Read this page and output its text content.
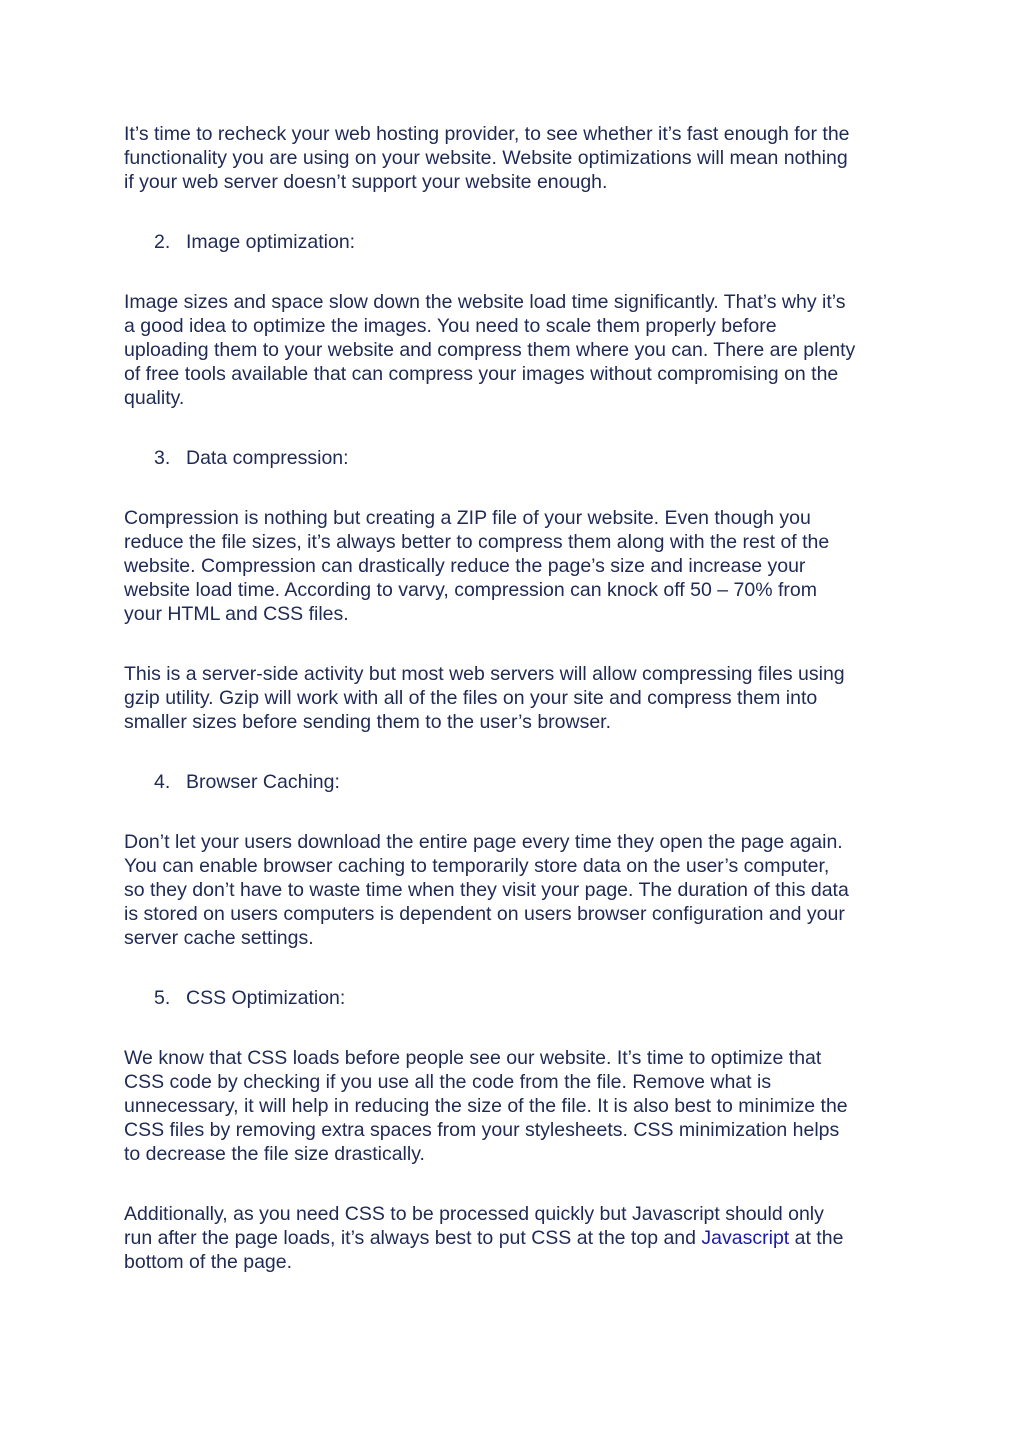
It’s time to recheck your web hosting provider, to see whether it’s fast enough for the
functionality you are using on your website. Website optimizations will mean nothing
if your web server doesn’t support your website enough.

2. Image optimization:

Image sizes and space slow down the website load time significantly. That’s why it’s
a good idea to optimize the images. You need to scale them properly before
uploading them to your website and compress them where you can. There are plenty
of free tools available that can compress your images without compromising on the
quality.

3. Data compression:

Compression is nothing but creating a ZIP file of your website. Even though you
reduce the file sizes, it’s always better to compress them along with the rest of the
website. Compression can drastically reduce the page’s size and increase your
website load time. According to varvy, compression can knock off 50 – 70% from
your HTML and CSS files.

This is a server-side activity but most web servers will allow compressing files using
gzip utility. Gzip will work with all of the files on your site and compress them into
smaller sizes before sending them to the user’s browser.

4. Browser Caching:

Don’t let your users download the entire page every time they open the page again.
You can enable browser caching to temporarily store data on the user’s computer,
so they don’t have to waste time when they visit your page. The duration of this data
is stored on users computers is dependent on users browser configuration and your
server cache settings.

5. CSS Optimization:

We know that CSS loads before people see our website. It’s time to optimize that
CSS code by checking if you use all the code from the file. Remove what is
unnecessary, it will help in reducing the size of the file. It is also best to minimize the
CSS files by removing extra spaces from your stylesheets. CSS minimization helps
to decrease the file size drastically.

Additionally, as you need CSS to be processed quickly but Javascript should only
run after the page loads, it’s always best to put CSS at the top and Javascript at the
bottom of the page.
